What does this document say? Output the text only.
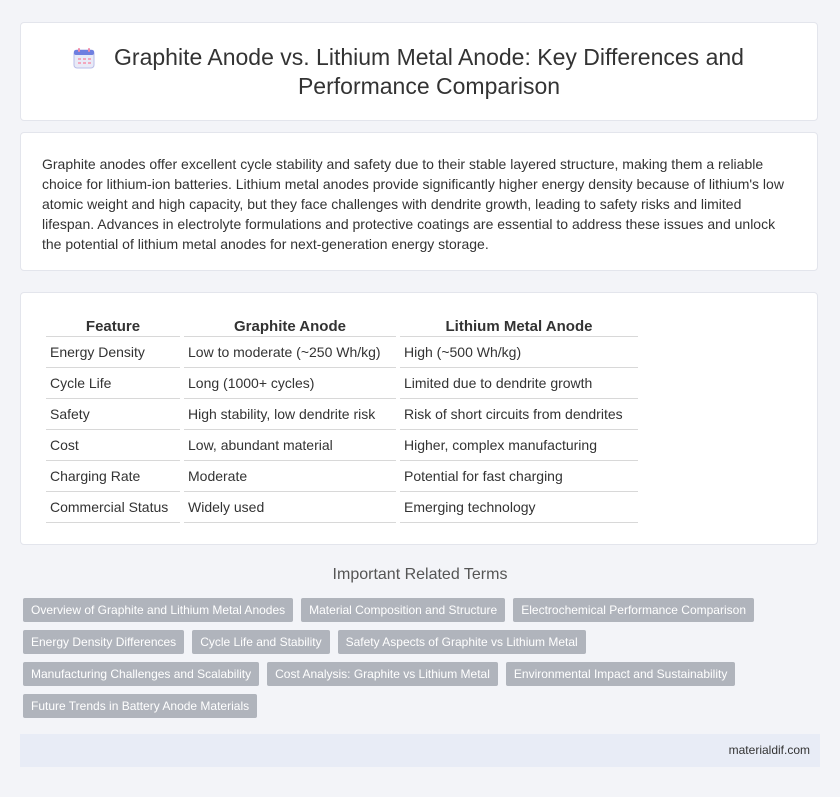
Graphite Anode vs. Lithium Metal Anode: Key Differences and Performance Comparison

Graphite anodes offer excellent cycle stability and safety due to their stable layered structure, making them a reliable choice for lithium-ion batteries. Lithium metal anodes provide significantly higher energy density because of lithium's low atomic weight and high capacity, but they face challenges with dendrite growth, leading to safety risks and limited lifespan. Advances in electrolyte formulations and protective coatings are essential to address these issues and unlock the potential of lithium metal anodes for next-generation energy storage.

Feature	Graphite Anode	Lithium Metal Anode
Energy Density	Low to moderate (~250 Wh/kg)	High (~500 Wh/kg)
Cycle Life	Long (1000+ cycles)	Limited due to dendrite growth
Safety	High stability, low dendrite risk	Risk of short circuits from dendrites
Cost	Low, abundant material	Higher, complex manufacturing
Charging Rate	Moderate	Potential for fast charging
Commercial Status	Widely used	Emerging technology
Important Related Terms
Overview of Graphite and Lithium Metal Anodes	Material Composition and Structure	Electrochemical Performance Comparison
Energy Density Differences	Cycle Life and Stability	Safety Aspects of Graphite vs Lithium Metal
Manufacturing Challenges and Scalability	Cost Analysis: Graphite vs Lithium Metal	Environmental Impact and Sustainability
Future Trends in Battery Anode Materials
materialdif.com
